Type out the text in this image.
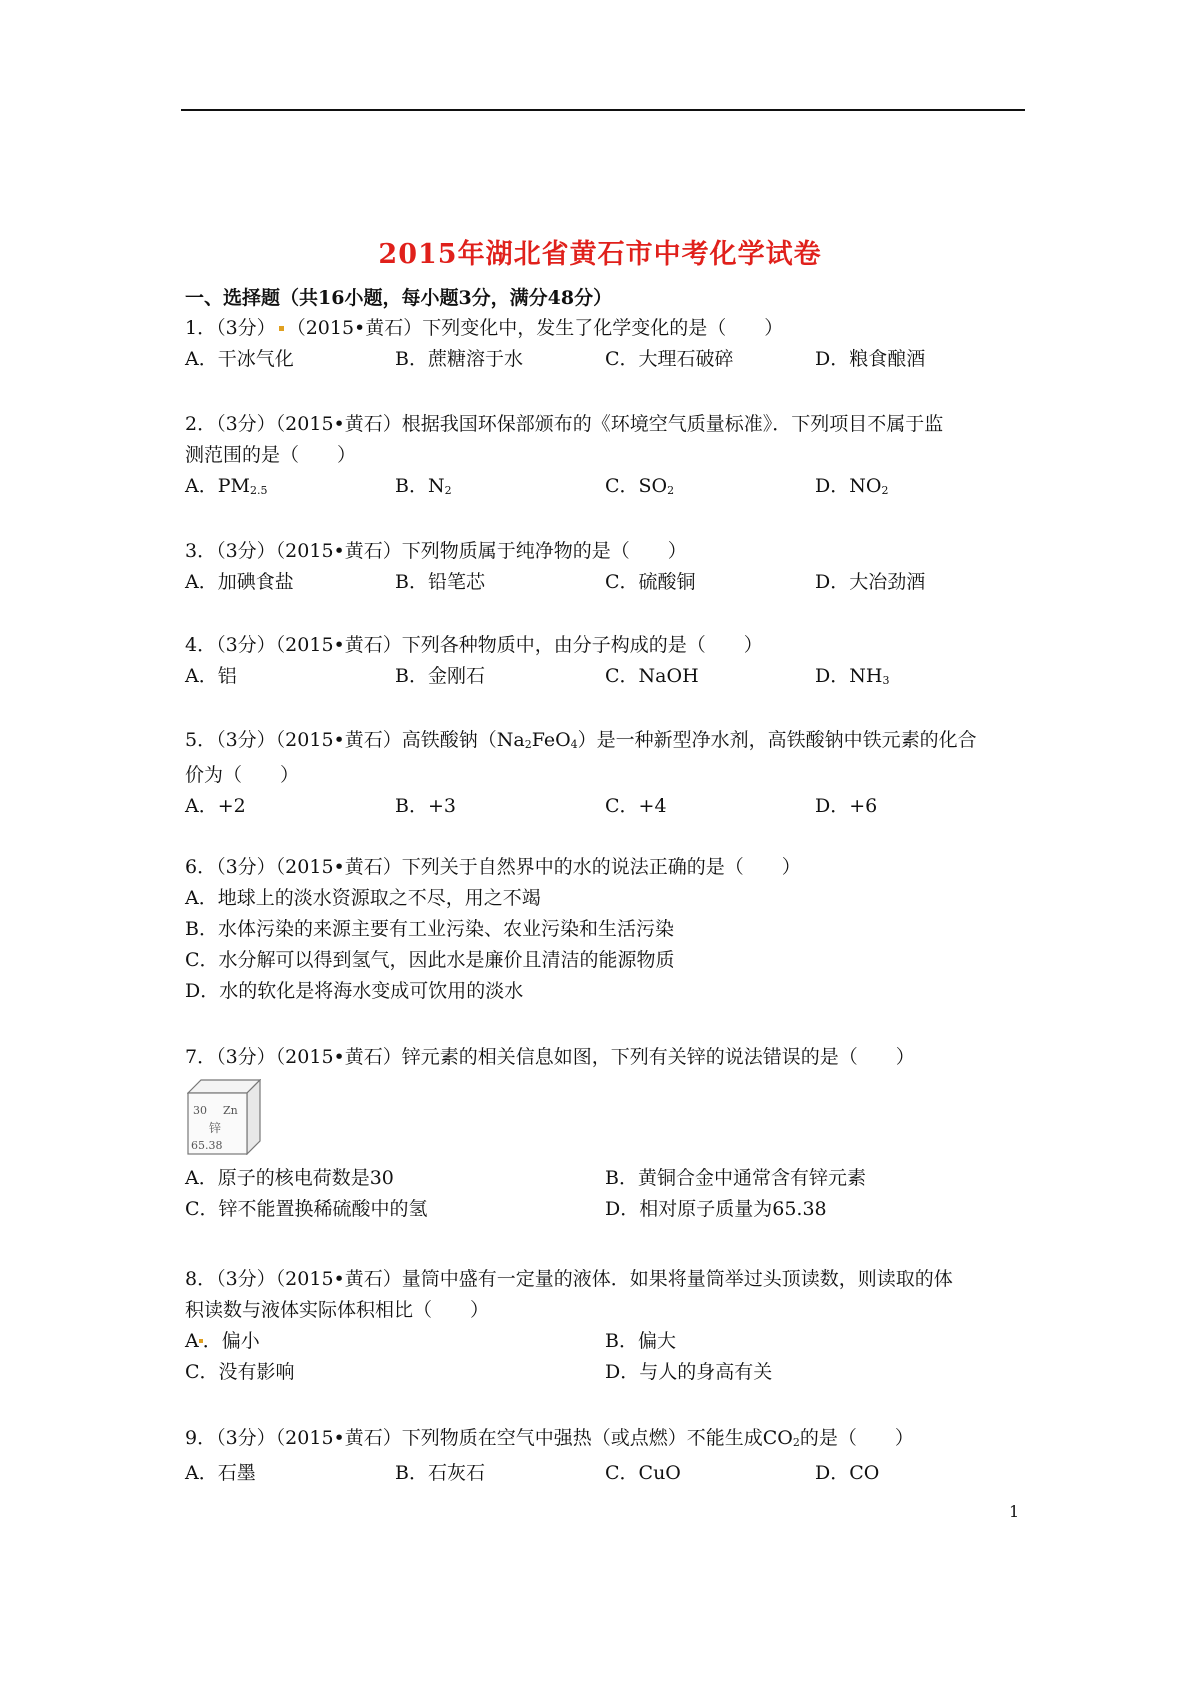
2015年湖北省黄石市中考化学试卷
一、选择题（共16小题，每小题3分，满分48分）
1．（3分） （2015•黄石）下列变化中，发生了化学变化的是（　　）
A．干冰气化	B．蔗糖溶于水	C．大理石破碎	D．粮食酿酒
2．（3分）（2015•黄石）根据我国环保部颁布的《环境空气质量标准》．下列项目不属于监
测范围的是（　　）
A．PM2.5	B．N2	C．SO2	D．NO2
3．（3分）（2015•黄石）下列物质属于纯净物的是（　　）
A．加碘食盐	B．铅笔芯	C．硫酸铜	D．大冶劲酒
4．（3分）（2015•黄石）下列各种物质中，由分子构成的是（　　）
A．铝	B．金刚石	C．NaOH	D．NH3
5．（3分）（2015•黄石）高铁酸钠（Na2FeO4）是一种新型净水剂，高铁酸钠中铁元素的化合
价为（　　）
A．+2	B．+3	C．+4	D．+6
6．（3分）（2015•黄石）下列关于自然界中的水的说法正确的是（　　）
A．地球上的淡水资源取之不尽，用之不竭
B．水体污染的来源主要有工业污染、农业污染和生活污染
C．水分解可以得到氢气，因此水是廉价且清洁的能源物质
D．水的软化是将海水变成可饮用的淡水
7．（3分）（2015•黄石）锌元素的相关信息如图，下列有关锌的说法错误的是（　　）
30 Zn
锌
65.38
A．原子的核电荷数是30	B．黄铜合金中通常含有锌元素
C．锌不能置换稀硫酸中的氢	D．相对原子质量为65.38
8．（3分）（2015•黄石）量筒中盛有一定量的液体．如果将量筒举过头顶读数，则读取的体
积读数与液体实际体积相比（　　）
A ．偏小	B．偏大
C．没有影响	D．与人的身高有关
9．（3分）（2015•黄石）下列物质在空气中强热（或点燃）不能生成CO2的是（　　）
A．石墨	B．石灰石	C．CuO	D．CO
1
